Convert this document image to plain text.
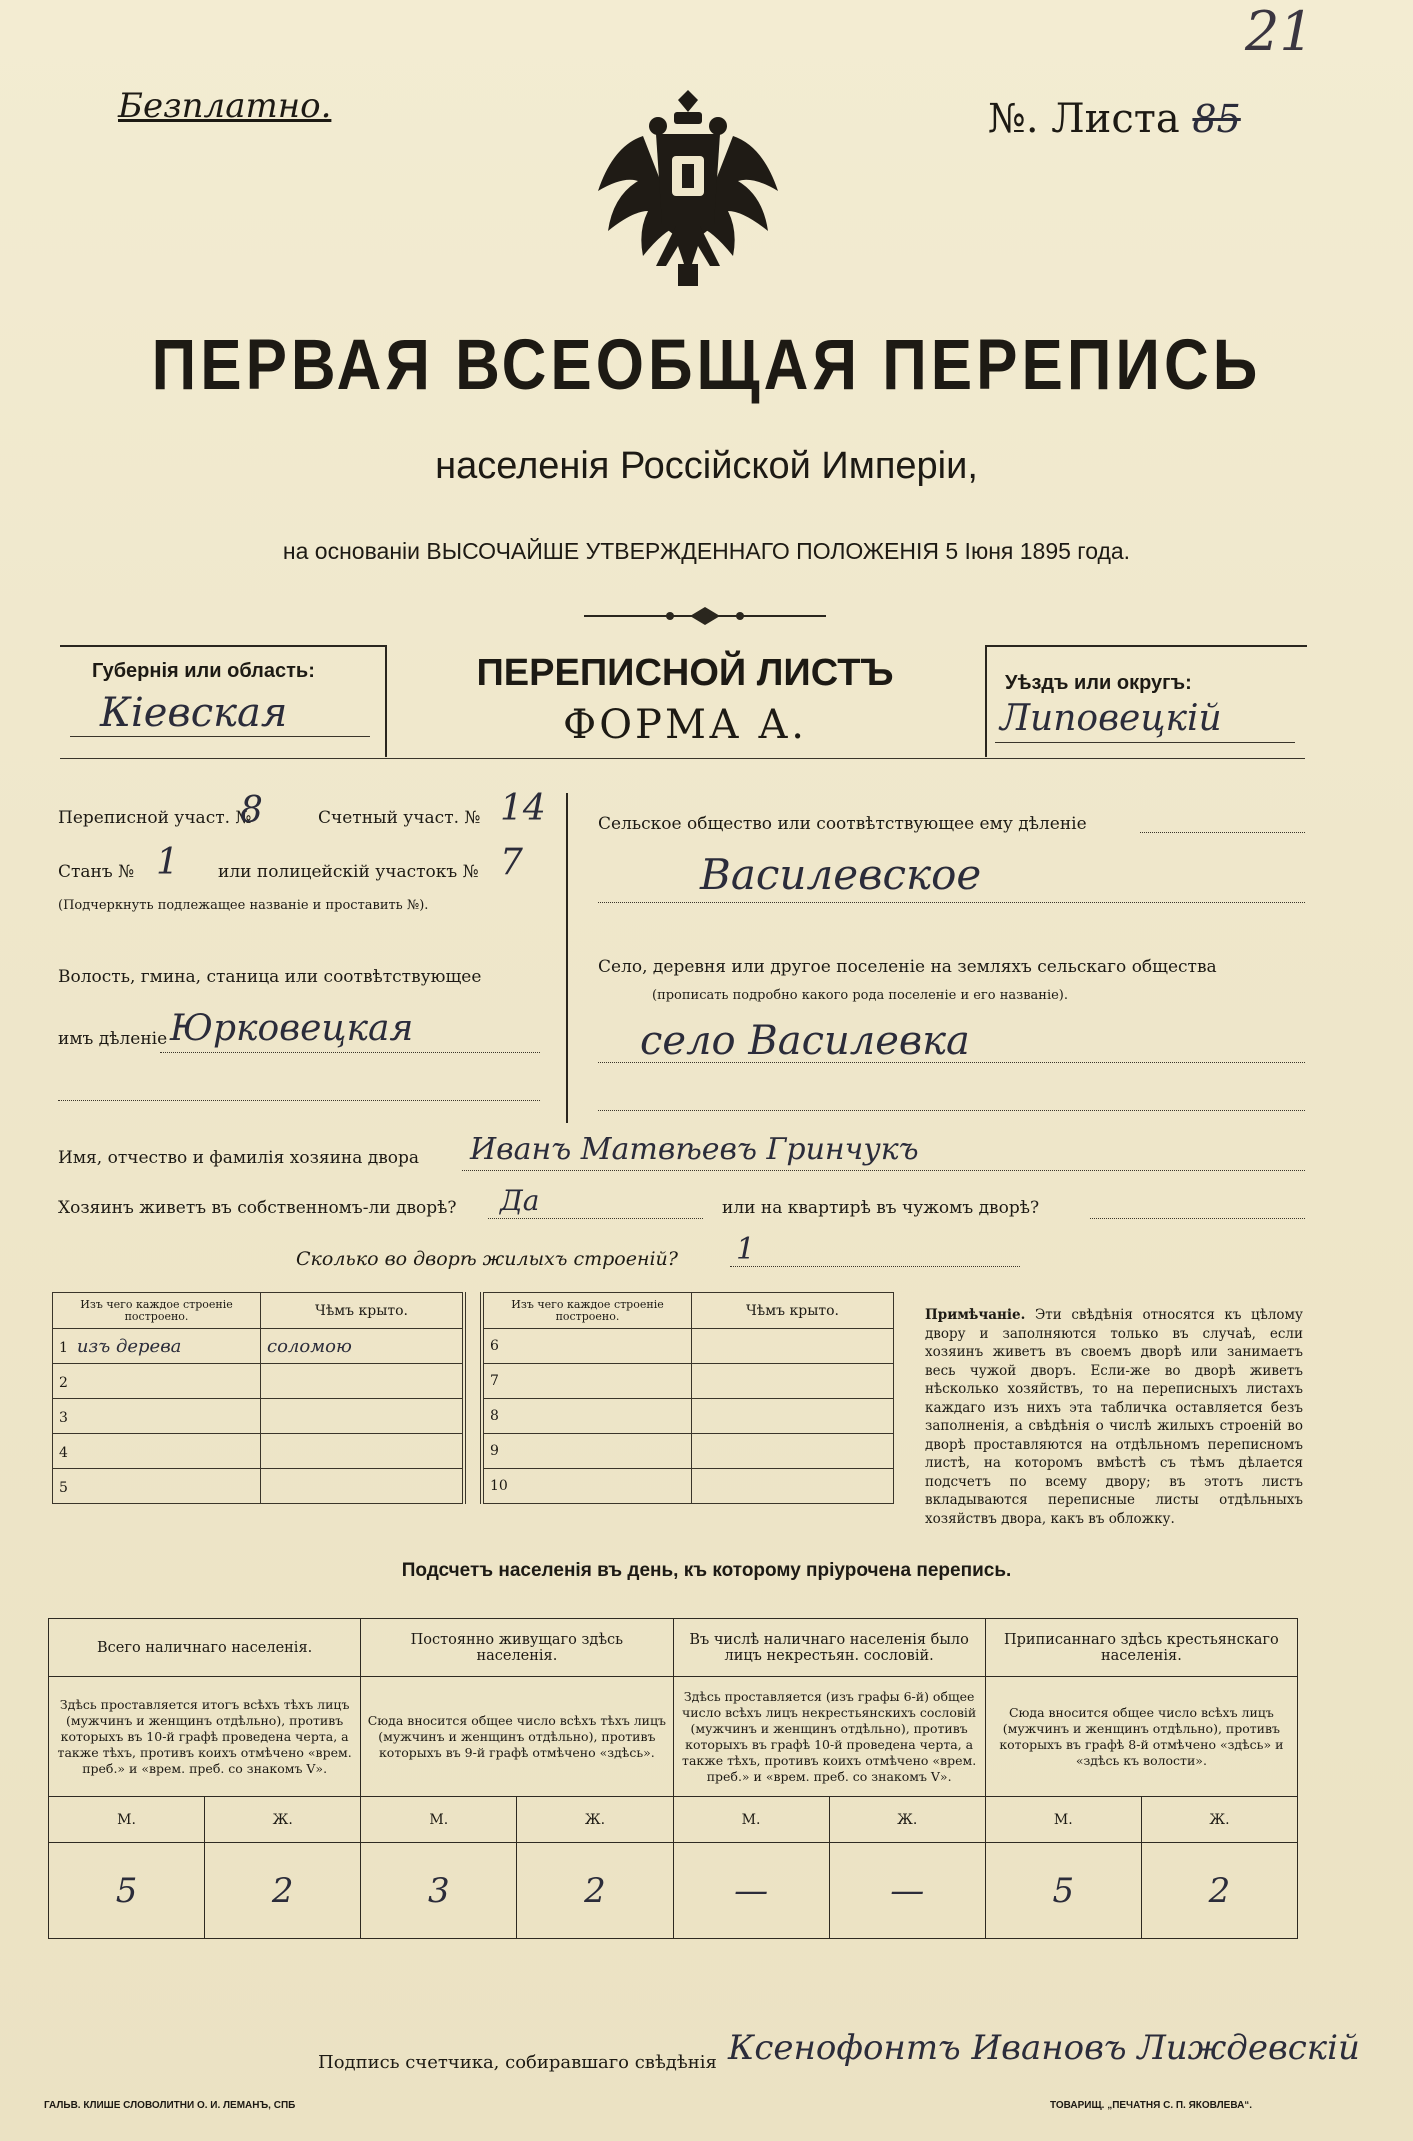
21
Безплатно.	№. Листа 85
ПЕРВАЯ ВСЕОБЩАЯ ПЕРЕПИСЬ
населенія Россійской Имперіи,
на основаніи ВЫСОЧАЙШЕ УТВЕРЖДЕННАГО ПОЛОЖЕНІЯ 5 Іюня 1895 года.
Губернія или область:
Кіевская
ПЕРЕПИСНОЙ ЛИСТЪ
ФОРМА А.
Уѣздъ или округъ:
Липовецкій
Переписной участ. №
8	Счетный участ. № 14
Станъ № 1 или полицейскій участокъ № 7
(Подчеркнуть подлежащее названіе и проставить №).
Волость, гмина, станица или соотвѣтствующее
имъ дѣленіе Юрковецкая
Сельское общество или соотвѣтствующее ему дѣленіе
Василевское
Село, деревня или другое поселеніе на земляхъ сельскаго общества
(прописать подробно какого рода поселеніе и его названіе).
село Василевка
Имя, отчество и фамилія хозяина двора Иванъ Матвѣевъ Гринчукъ
Хозяинъ живетъ въ собственномъ-ли дворѣ? Да	или на квартирѣ въ чужомъ дворѣ?
Сколько во дворѣ жилыхъ строеній? 1
Изъ чего каждое строеніе построено.	Чѣмъ крыто.
1 изъ дерева	соломою
2	
3	
4	
5	
Изъ чего каждое строеніе построено.	Чѣмъ крыто.
6	
7	
8	
9	
10	
Примѣчаніе. Эти свѣдѣнія относятся къ цѣлому двору и заполняются только въ случаѣ, если хозяинъ живетъ въ своемъ дворѣ или занимаетъ весь чужой дворъ. Если-же во дворѣ живетъ нѣсколько хозяйствъ, то на переписныхъ листахъ каждаго изъ нихъ эта табличка оставляется безъ заполненія, а свѣдѣнія о числѣ жилыхъ строеній во дворѣ проставляются на отдѣльномъ переписномъ листѣ, на которомъ вмѣстѣ съ тѣмъ дѣлается подсчетъ по всему двору; въ этотъ листъ вкладываются переписные листы отдѣльныхъ хозяйствъ двора, какъ въ обложку.
Подсчетъ населенія въ день, къ которому пріурочена перепись.
Всего наличнаго населенія.		Постоянно живущаго здѣсь населенія.		Въ числѣ наличнаго населенія было лицъ некрестьян. сословій.		Приписаннаго здѣсь крестьянскаго населенія.	
Здѣсь проставляется итогъ всѣхъ тѣхъ лицъ (мужчинъ и женщинъ отдѣльно), противъ которыхъ въ 10-й графѣ проведена черта, а также тѣхъ, противъ коихъ отмѣчено «врем. преб.» и «врем. преб. со знакомъ V».		Сюда вносится общее число всѣхъ тѣхъ лицъ (мужчинъ и женщинъ отдѣльно), противъ которыхъ въ 9-й графѣ отмѣчено «здѣсь».		Здѣсь проставляется (изъ графы 6-й) общее число всѣхъ лицъ некрестьянскихъ сословій (мужчинъ и женщинъ отдѣльно), противъ которыхъ въ графѣ 10-й проведена черта, а также тѣхъ, противъ коихъ отмѣчено «врем. преб.» и «врем. преб. со знакомъ V».		Сюда вносится общее число всѣхъ лицъ (мужчинъ и женщинъ отдѣльно), противъ которыхъ въ графѣ 8-й отмѣчено «здѣсь» и «здѣсь къ волости».	
М.	Ж.	М.	Ж.	М.	Ж.	М.	Ж.
5	2	3	2	—	—	5	2
Подпись счетчика, собиравшаго свѣдѣнія Ксенофонтъ Ивановъ Лиждевскій
ГАЛЬВ. КЛИШЕ СЛОВОЛИТНИ О. И. ЛЕМАНЪ, СПБ	ТОВАРИЩ. „ПЕЧАТНЯ С. П. ЯКОВЛЕВА“.
